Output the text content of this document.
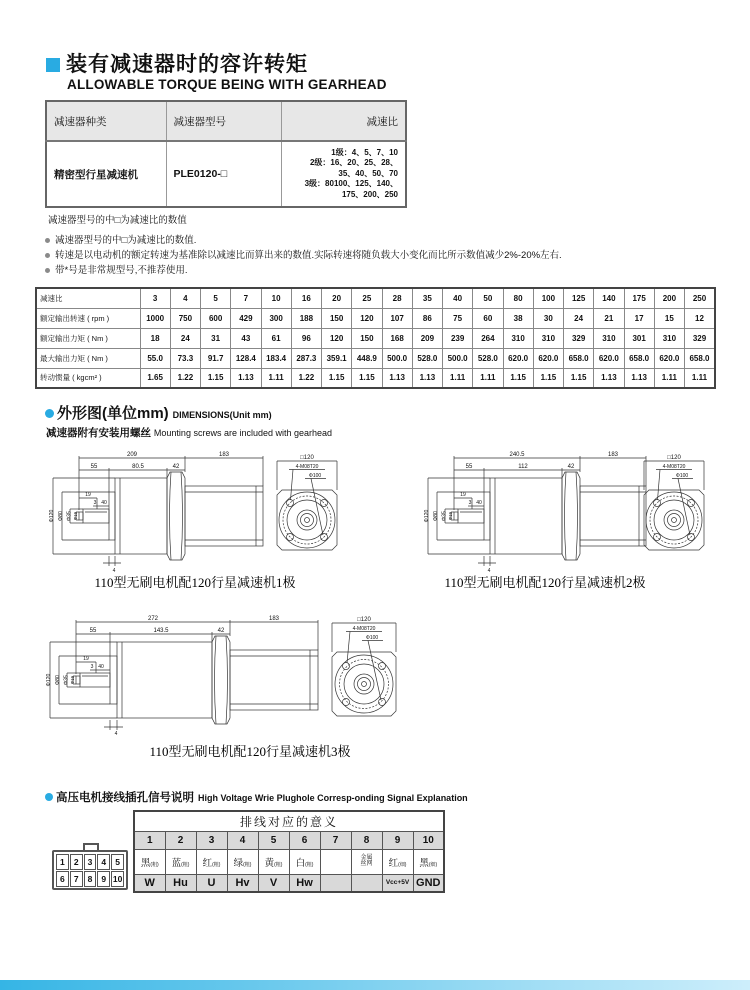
装有减速器时的容许转矩
ALLOWABLE TORQUE BEING WITH GEARHEAD
减速器种类	减速器型号	减速比
精密型行星减速机	PLE0120-□	1级：4、5、7、10
2级：16、20、25、28、
35、40、50、70
3级：80100、125、140、
175、200、250
减速器型号的中□为减速比的数值
减速器型号的中□为减速比的数值.
转速是以电动机的额定转速为基准除以减速比而算出来的数值.实际转速将随负载大小变化而比所示数值减少2%-20%左右.
带*号是非常规型号,不推荐使用.
减速比	3	4	5	7	10	16	20	25	28	35	40	50	80	100	125	140	175	200	250
额定输出转速 ( rpm )	1000	750	600	429	300	188	150	120	107	86	75	60	38	30	24	21	17	15	12
额定输出力矩 ( Nm )	18	24	31	43	61	96	120	150	168	209	239	264	310	310	329	310	301	310	329
最大输出力矩 ( Nm )	55.0	73.3	91.7	128.4	183.4	287.3	359.1	448.9	500.0	528.0	500.0	528.0	620.0	620.0	658.0	620.0	658.0	620.0	658.0
转动惯量 ( kgcm² )	1.65	1.22	1.15	1.13	1.11	1.22	1.15	1.15	1.13	1.13	1.11	1.11	1.15	1.15	1.15	1.13	1.13	1.11	1.11
外形图(单位mm) DIMENSIONS(Unit mm)
减速器附有安装用螺丝 Mounting screws are included with gearhead
209	183
55	80.5	42
19
3 40
Φ120 Φ80 Φ35 Φ19
4
□120
4-M08T20
Φ100
110型无刷电机配120行星减速机1极
240.5	183
55	112	42
19
3 40
Φ120 Φ80 Φ35 Φ19
4
□120
4-M08T20
Φ100
110型无刷电机配120行星减速机2极
272	183
55	143.5	42
19
3 40
Φ120 Φ80 Φ35 Φ19
4
□120
4-M08T20
Φ100
110型无刷电机配120行星减速机3极
高压电机接线插孔信号说明 High Voltage Wrie Plughole Corresp-onding Signal Explanation
1	2	3	4	5
6	7	8	9 10
排线对应的意义									
1	2	3	4	5	6	7	8	9	10
黑(粗)	蓝(粗)	红(粗)	绿(粗)	黄(粗)	白(粗)		金属丝网	红(细)	黑(细)
W	Hu	U	Hv	V	Hw			Vcc+5V	GND
